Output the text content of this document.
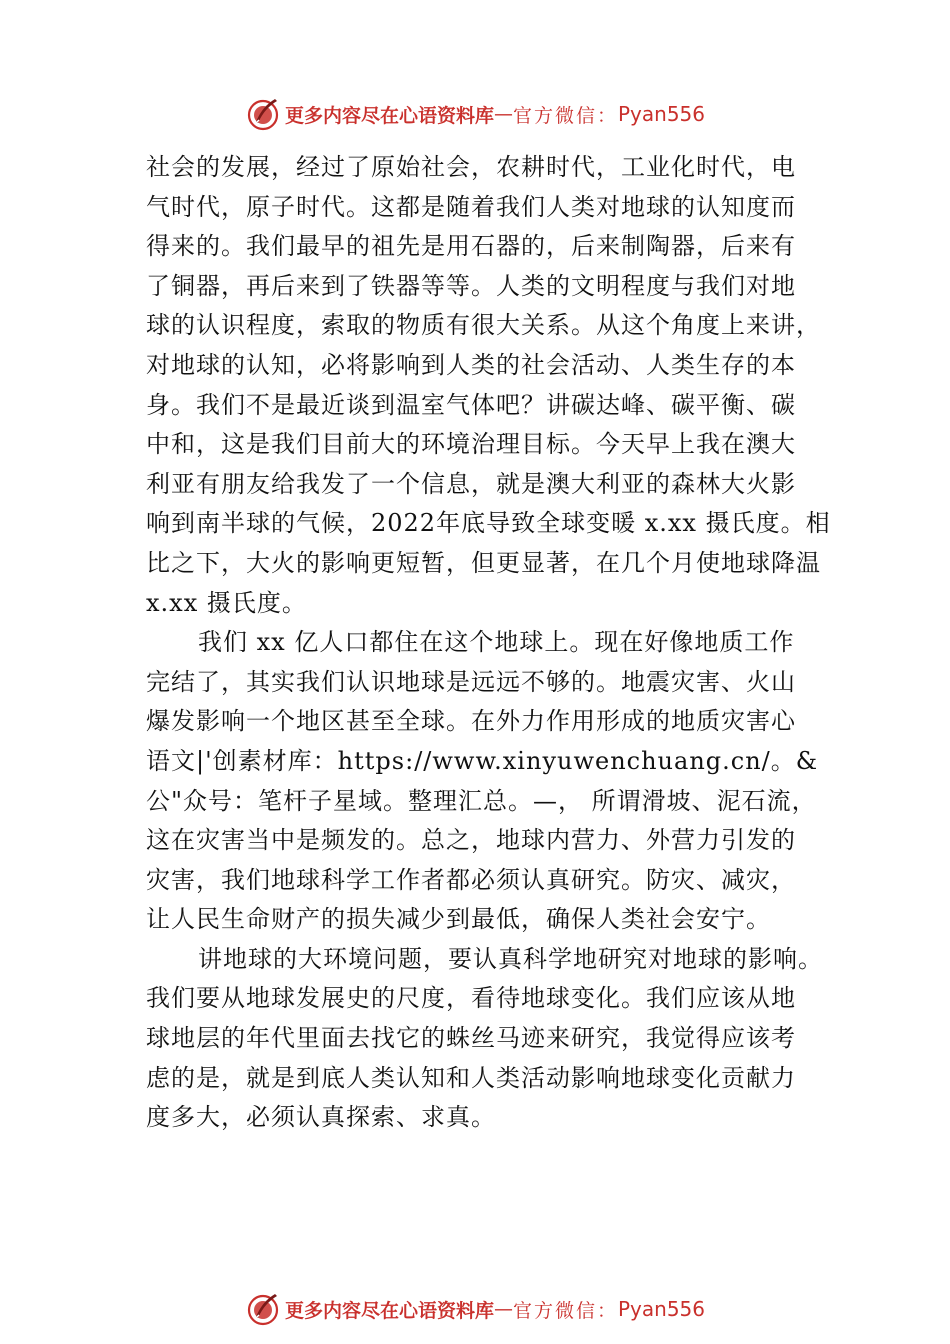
更多内容尽在心语资料库 — 官方微信： Pyan556
社会的发展，经过了原始社会，农耕时代，工业化时代，电
气时代，原子时代。这都是随着我们人类对地球的认知度而
得来的。我们最早的祖先是用石器的，后来制陶器，后来有
了铜器，再后来到了铁器等等。人类的文明程度与我们对地
球的认识程度，索取的物质有很大关系。从这个角度上来讲，
对地球的认知，必将影响到人类的社会活动、人类生存的本
身。我们不是最近谈到温室气体吧？讲碳达峰、碳平衡、碳
中和，这是我们目前大的环境治理目标。今天早上我在澳大
利亚有朋友给我发了一个信息，就是澳大利亚的森林大火影
响到南半球的气候，2022年底导致全球变暖 x.xx 摄氏度。相
比之下，大火的影响更短暂，但更显著，在几个月使地球降温
x.xx 摄氏度。
我们 xx 亿人口都住在这个地球上。现在好像地质工作
完结了，其实我们认识地球是远远不够的。地震灾害、火山
爆发影响一个地区甚至全球。在外力作用形成的地质灾害心
语文|'创素材库：https://www.xinyuwenchuang.cn/。&
公"众号：笔杆子星域。整理汇总。—， 所谓滑坡、泥石流，
这在灾害当中是频发的。总之，地球内营力、外营力引发的
灾害，我们地球科学工作者都必须认真研究。防灾、减灾，
让人民生命财产的损失减少到最低，确保人类社会安宁。
讲地球的大环境问题，要认真科学地研究对地球的影响。
我们要从地球发展史的尺度，看待地球变化。我们应该从地
球地层的年代里面去找它的蛛丝马迹来研究，我觉得应该考
虑的是，就是到底人类认知和人类活动影响地球变化贡献力
度多大，必须认真探索、求真。
更多内容尽在心语资料库 — 官方微信： Pyan556
